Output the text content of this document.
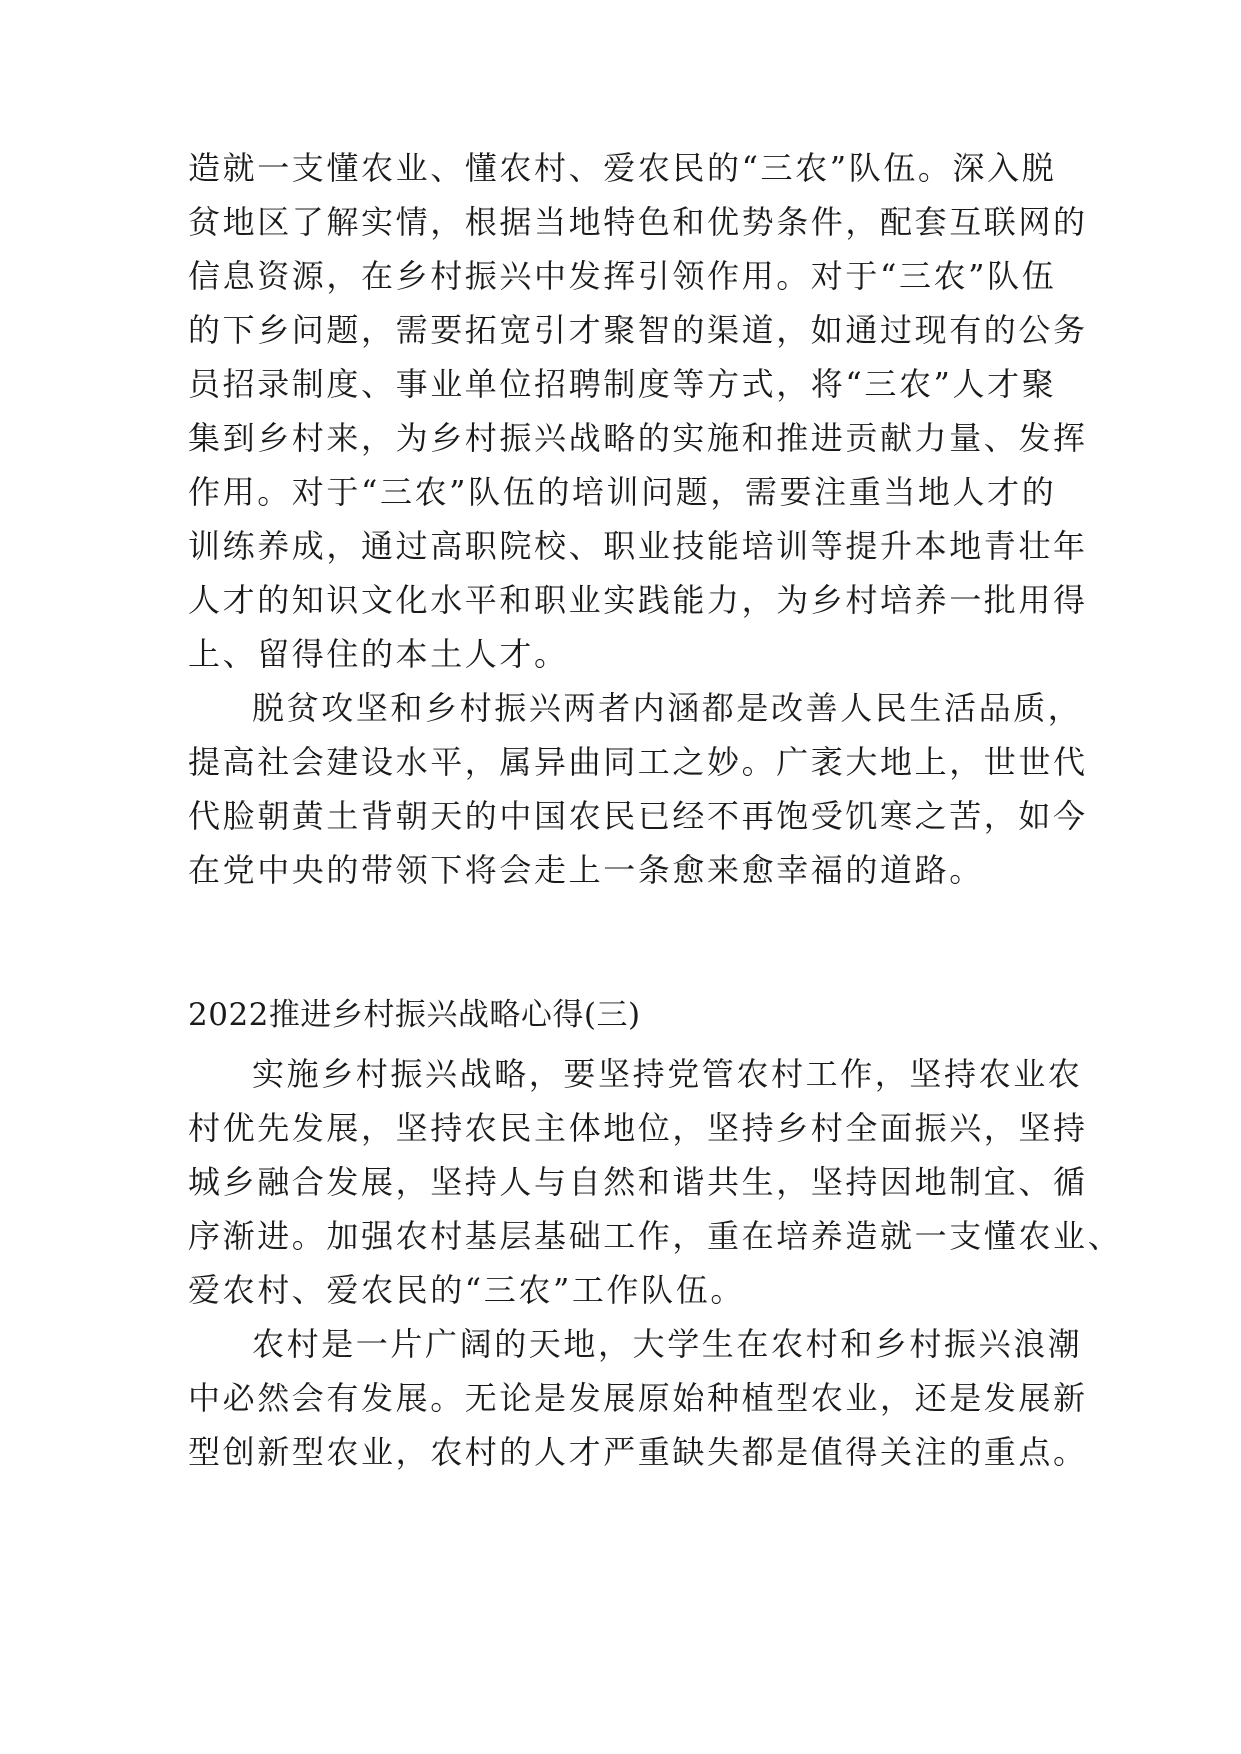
造就一支懂农业、懂农村、爱农民的“三农”队伍。深入脱
贫地区了解实情，根据当地特色和优势条件，配套互联网的
信息资源，在乡村振兴中发挥引领作用。对于“三农”队伍
的下乡问题，需要拓宽引才聚智的渠道，如通过现有的公务
员招录制度、事业单位招聘制度等方式，将“三农”人才聚
集到乡村来，为乡村振兴战略的实施和推进贡献力量、发挥
作用。对于“三农”队伍的培训问题，需要注重当地人才的
训练养成，通过高职院校、职业技能培训等提升本地青壮年
人才的知识文化水平和职业实践能力，为乡村培养一批用得
上、留得住的本土人才。
脱贫攻坚和乡村振兴两者内涵都是改善人民生活品质，
提高社会建设水平，属异曲同工之妙。广袤大地上，世世代
代脸朝黄土背朝天的中国农民已经不再饱受饥寒之苦，如今
在党中央的带领下将会走上一条愈来愈幸福的道路。
2022推进乡村振兴战略心得(三)
实施乡村振兴战略，要坚持党管农村工作，坚持农业农
村优先发展，坚持农民主体地位，坚持乡村全面振兴，坚持
城乡融合发展，坚持人与自然和谐共生，坚持因地制宜、循
序渐进。加强农村基层基础工作，重在培养造就一支懂农业、
爱农村、爱农民的“三农”工作队伍。
农村是一片广阔的天地，大学生在农村和乡村振兴浪潮
中必然会有发展。无论是发展原始种植型农业，还是发展新
型创新型农业，农村的人才严重缺失都是值得关注的重点。
